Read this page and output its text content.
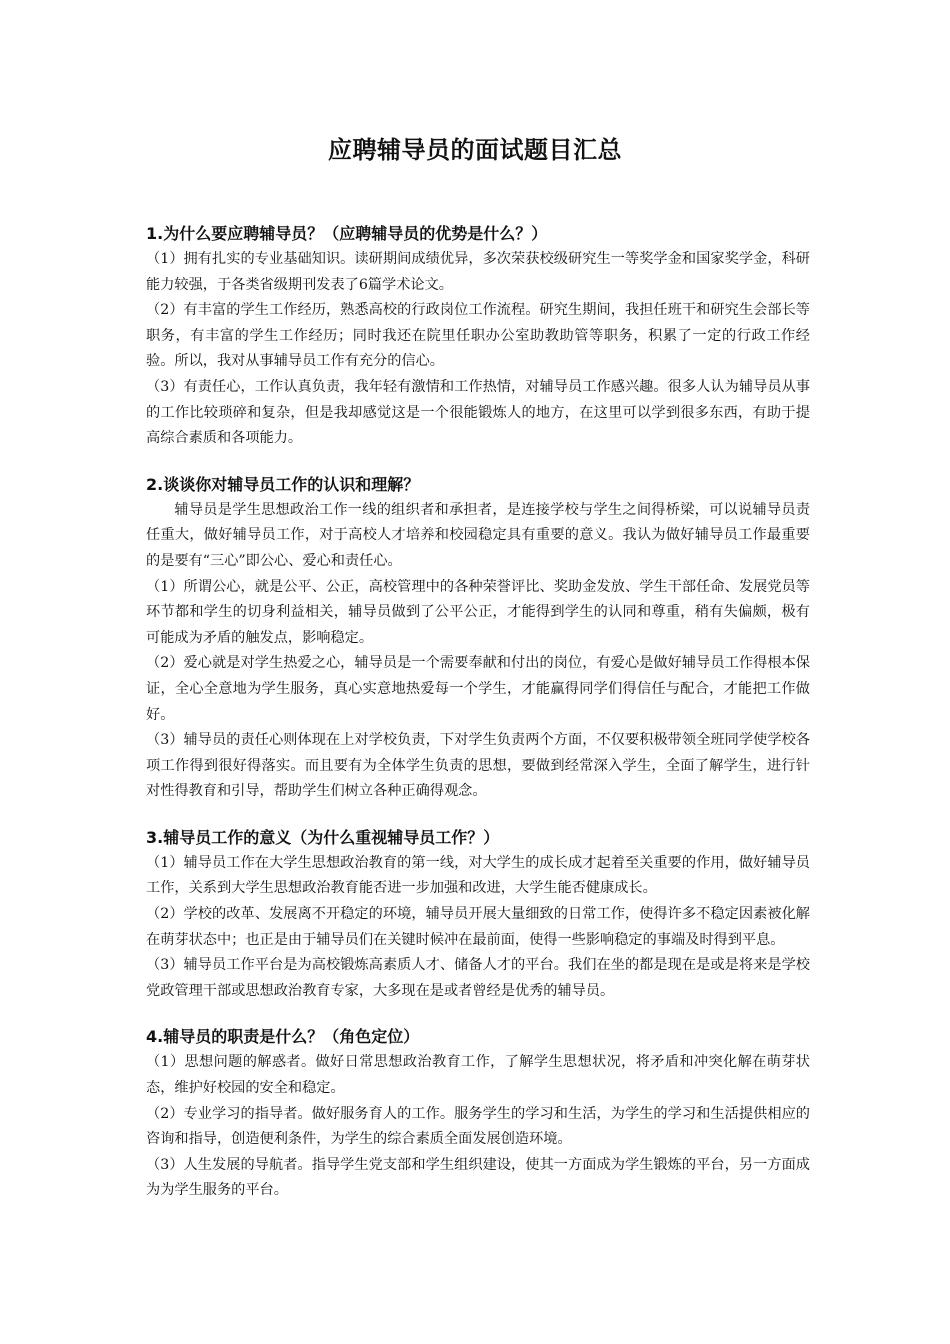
应聘辅导员的面试题目汇总
1.为什么要应聘辅导员？（应聘辅导员的优势是什么？）

（1）拥有扎实的专业基础知识。读研期间成绩优异，多次荣获校级研究生一等奖学金和国家奖学金，科研能力较强，于各类省级期刊发表了6篇学术论文。

（2）有丰富的学生工作经历，熟悉高校的行政岗位工作流程。研究生期间，我担任班干和研究生会部长等职务，有丰富的学生工作经历；同时我还在院里任职办公室助教助管等职务，积累了一定的行政工作经验。所以，我对从事辅导员工作有充分的信心。

（3）有责任心，工作认真负责，我年轻有激情和工作热情，对辅导员工作感兴趣。很多人认为辅导员从事的工作比较琐碎和复杂，但是我却感觉这是一个很能锻炼人的地方，在这里可以学到很多东西，有助于提高综合素质和各项能力。

2.谈谈你对辅导员工作的认识和理解？

辅导员是学生思想政治工作一线的组织者和承担者，是连接学校与学生之间得桥梁，可以说辅导员责任重大，做好辅导员工作，对于高校人才培养和校园稳定具有重要的意义。我认为做好辅导员工作最重要的是要有“三心”即公心、爱心和责任心。

（1）所谓公心，就是公平、公正，高校管理中的各种荣誉评比、奖助金发放、学生干部任命、发展党员等环节都和学生的切身利益相关，辅导员做到了公平公正，才能得到学生的认同和尊重，稍有失偏颇，极有可能成为矛盾的触发点，影响稳定。

（2）爱心就是对学生热爱之心，辅导员是一个需要奉献和付出的岗位，有爱心是做好辅导员工作得根本保证，全心全意地为学生服务，真心实意地热爱每一个学生，才能赢得同学们得信任与配合，才能把工作做好。

（3）辅导员的责任心则体现在上对学校负责，下对学生负责两个方面，不仅要积极带领全班同学使学校各项工作得到很好得落实。而且要有为全体学生负责的思想，要做到经常深入学生，全面了解学生，进行针对性得教育和引导，帮助学生们树立各种正确得观念。

3.辅导员工作的意义（为什么重视辅导员工作？）

（1）辅导员工作在大学生思想政治教育的第一线，对大学生的成长成才起着至关重要的作用，做好辅导员工作，关系到大学生思想政治教育能否进一步加强和改进，大学生能否健康成长。

（2）学校的改革、发展离不开稳定的环境，辅导员开展大量细致的日常工作，使得许多不稳定因素被化解在萌芽状态中；也正是由于辅导员们在关键时候冲在最前面，使得一些影响稳定的事端及时得到平息。

（3）辅导员工作平台是为高校锻炼高素质人才、储备人才的平台。我们在坐的都是现在是或是将来是学校党政管理干部或思想政治教育专家，大多现在是或者曾经是优秀的辅导员。

4.辅导员的职责是什么？（角色定位）

（1）思想问题的解惑者。做好日常思想政治教育工作，了解学生思想状况，将矛盾和冲突化解在萌芽状态，维护好校园的安全和稳定。

（2）专业学习的指导者。做好服务育人的工作。服务学生的学习和生活，为学生的学习和生活提供相应的咨询和指导，创造便利条件，为学生的综合素质全面发展创造环境。

（3）人生发展的导航者。指导学生党支部和学生组织建设，使其一方面成为学生锻炼的平台，另一方面成为为学生服务的平台。
